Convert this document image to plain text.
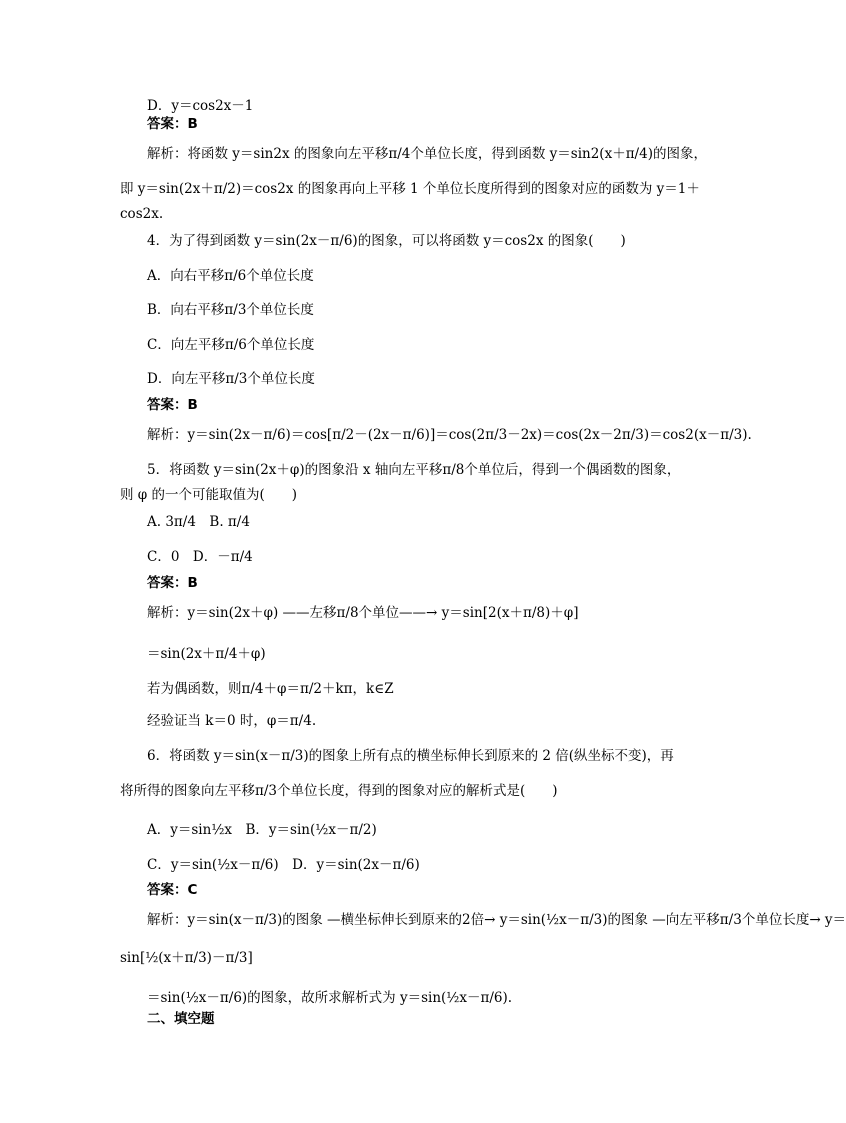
D．y＝cos2x－1
答案：B
解析：将函数 y＝sin2x 的图象向左平移π/4个单位长度，得到函数 y＝sin2(x＋π/4)的图象，
即 y＝sin(2x＋π/2)＝cos2x 的图象再向上平移 1 个单位长度所得到的图象对应的函数为 y＝1＋
cos2x.
4．为了得到函数 y＝sin(2x－π/6)的图象，可以将函数 y＝cos2x 的图象(　　)
A．向右平移π/6个单位长度
B．向右平移π/3个单位长度
C．向左平移π/6个单位长度
D．向左平移π/3个单位长度
答案：B
解析：y＝sin(2x－π/6)＝cos[π/2－(2x－π/6)]＝cos(2π/3－2x)＝cos(2x－2π/3)＝cos2(x－π/3).
5．将函数 y＝sin(2x＋φ)的图象沿 x 轴向左平移π/8个单位后，得到一个偶函数的图象，
则 φ 的一个可能取值为(　　)
A. 3π/4　B. π/4
C．0　D．－π/4
答案：B
解析：y＝sin(2x＋φ) ——左移π/8个单位——→ y＝sin[2(x＋π/8)＋φ]
＝sin(2x＋π/4＋φ)
若为偶函数，则π/4＋φ＝π/2＋kπ，k∈Z
经验证当 k＝0 时，φ＝π/4.
6．将函数 y＝sin(x－π/3)的图象上所有点的横坐标伸长到原来的 2 倍(纵坐标不变)，再
将所得的图象向左平移π/3个单位长度，得到的图象对应的解析式是(　　)
A．y＝sin½x　B．y＝sin(½x－π/2)
C．y＝sin(½x－π/6)　D．y＝sin(2x－π/6)
答案：C
解析：y＝sin(x－π/3)的图象 —横坐标伸长到原来的2倍→ y＝sin(½x－π/3)的图象 —向左平移π/3个单位长度→ y＝
sin[½(x＋π/3)－π/3]
＝sin(½x－π/6)的图象，故所求解析式为 y＝sin(½x－π/6).
二、填空题
